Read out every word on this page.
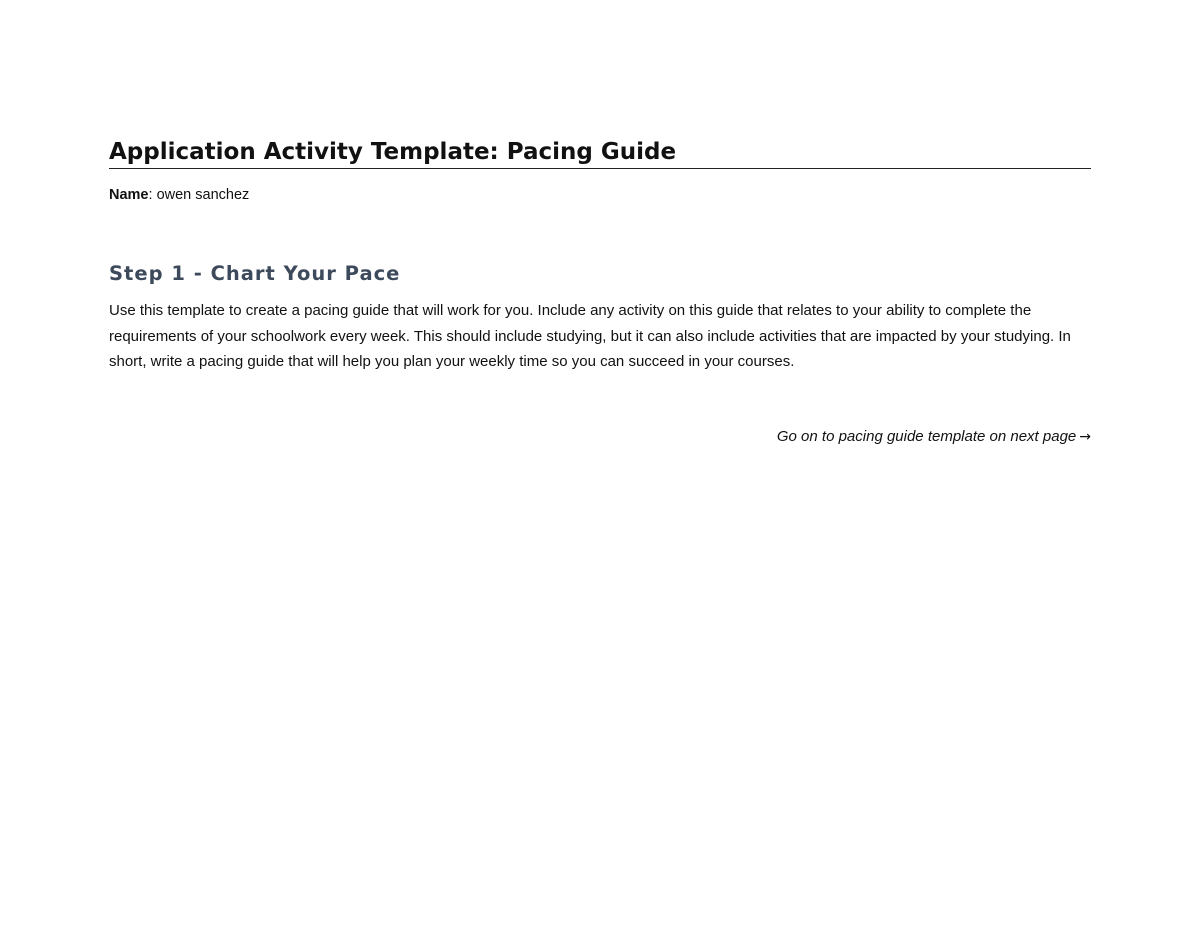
Application Activity Template: Pacing Guide
Name: owen sanchez
Step 1 - Chart Your Pace

Use this template to create a pacing guide that will work for you. Include any activity on this guide that relates to your ability to complete the requirements of your schoolwork every week. This should include studying, but it can also include activities that are impacted by your studying. In short, write a pacing guide that will help you plan your weekly time so you can succeed in your courses.

Go on to pacing guide template on next page →
